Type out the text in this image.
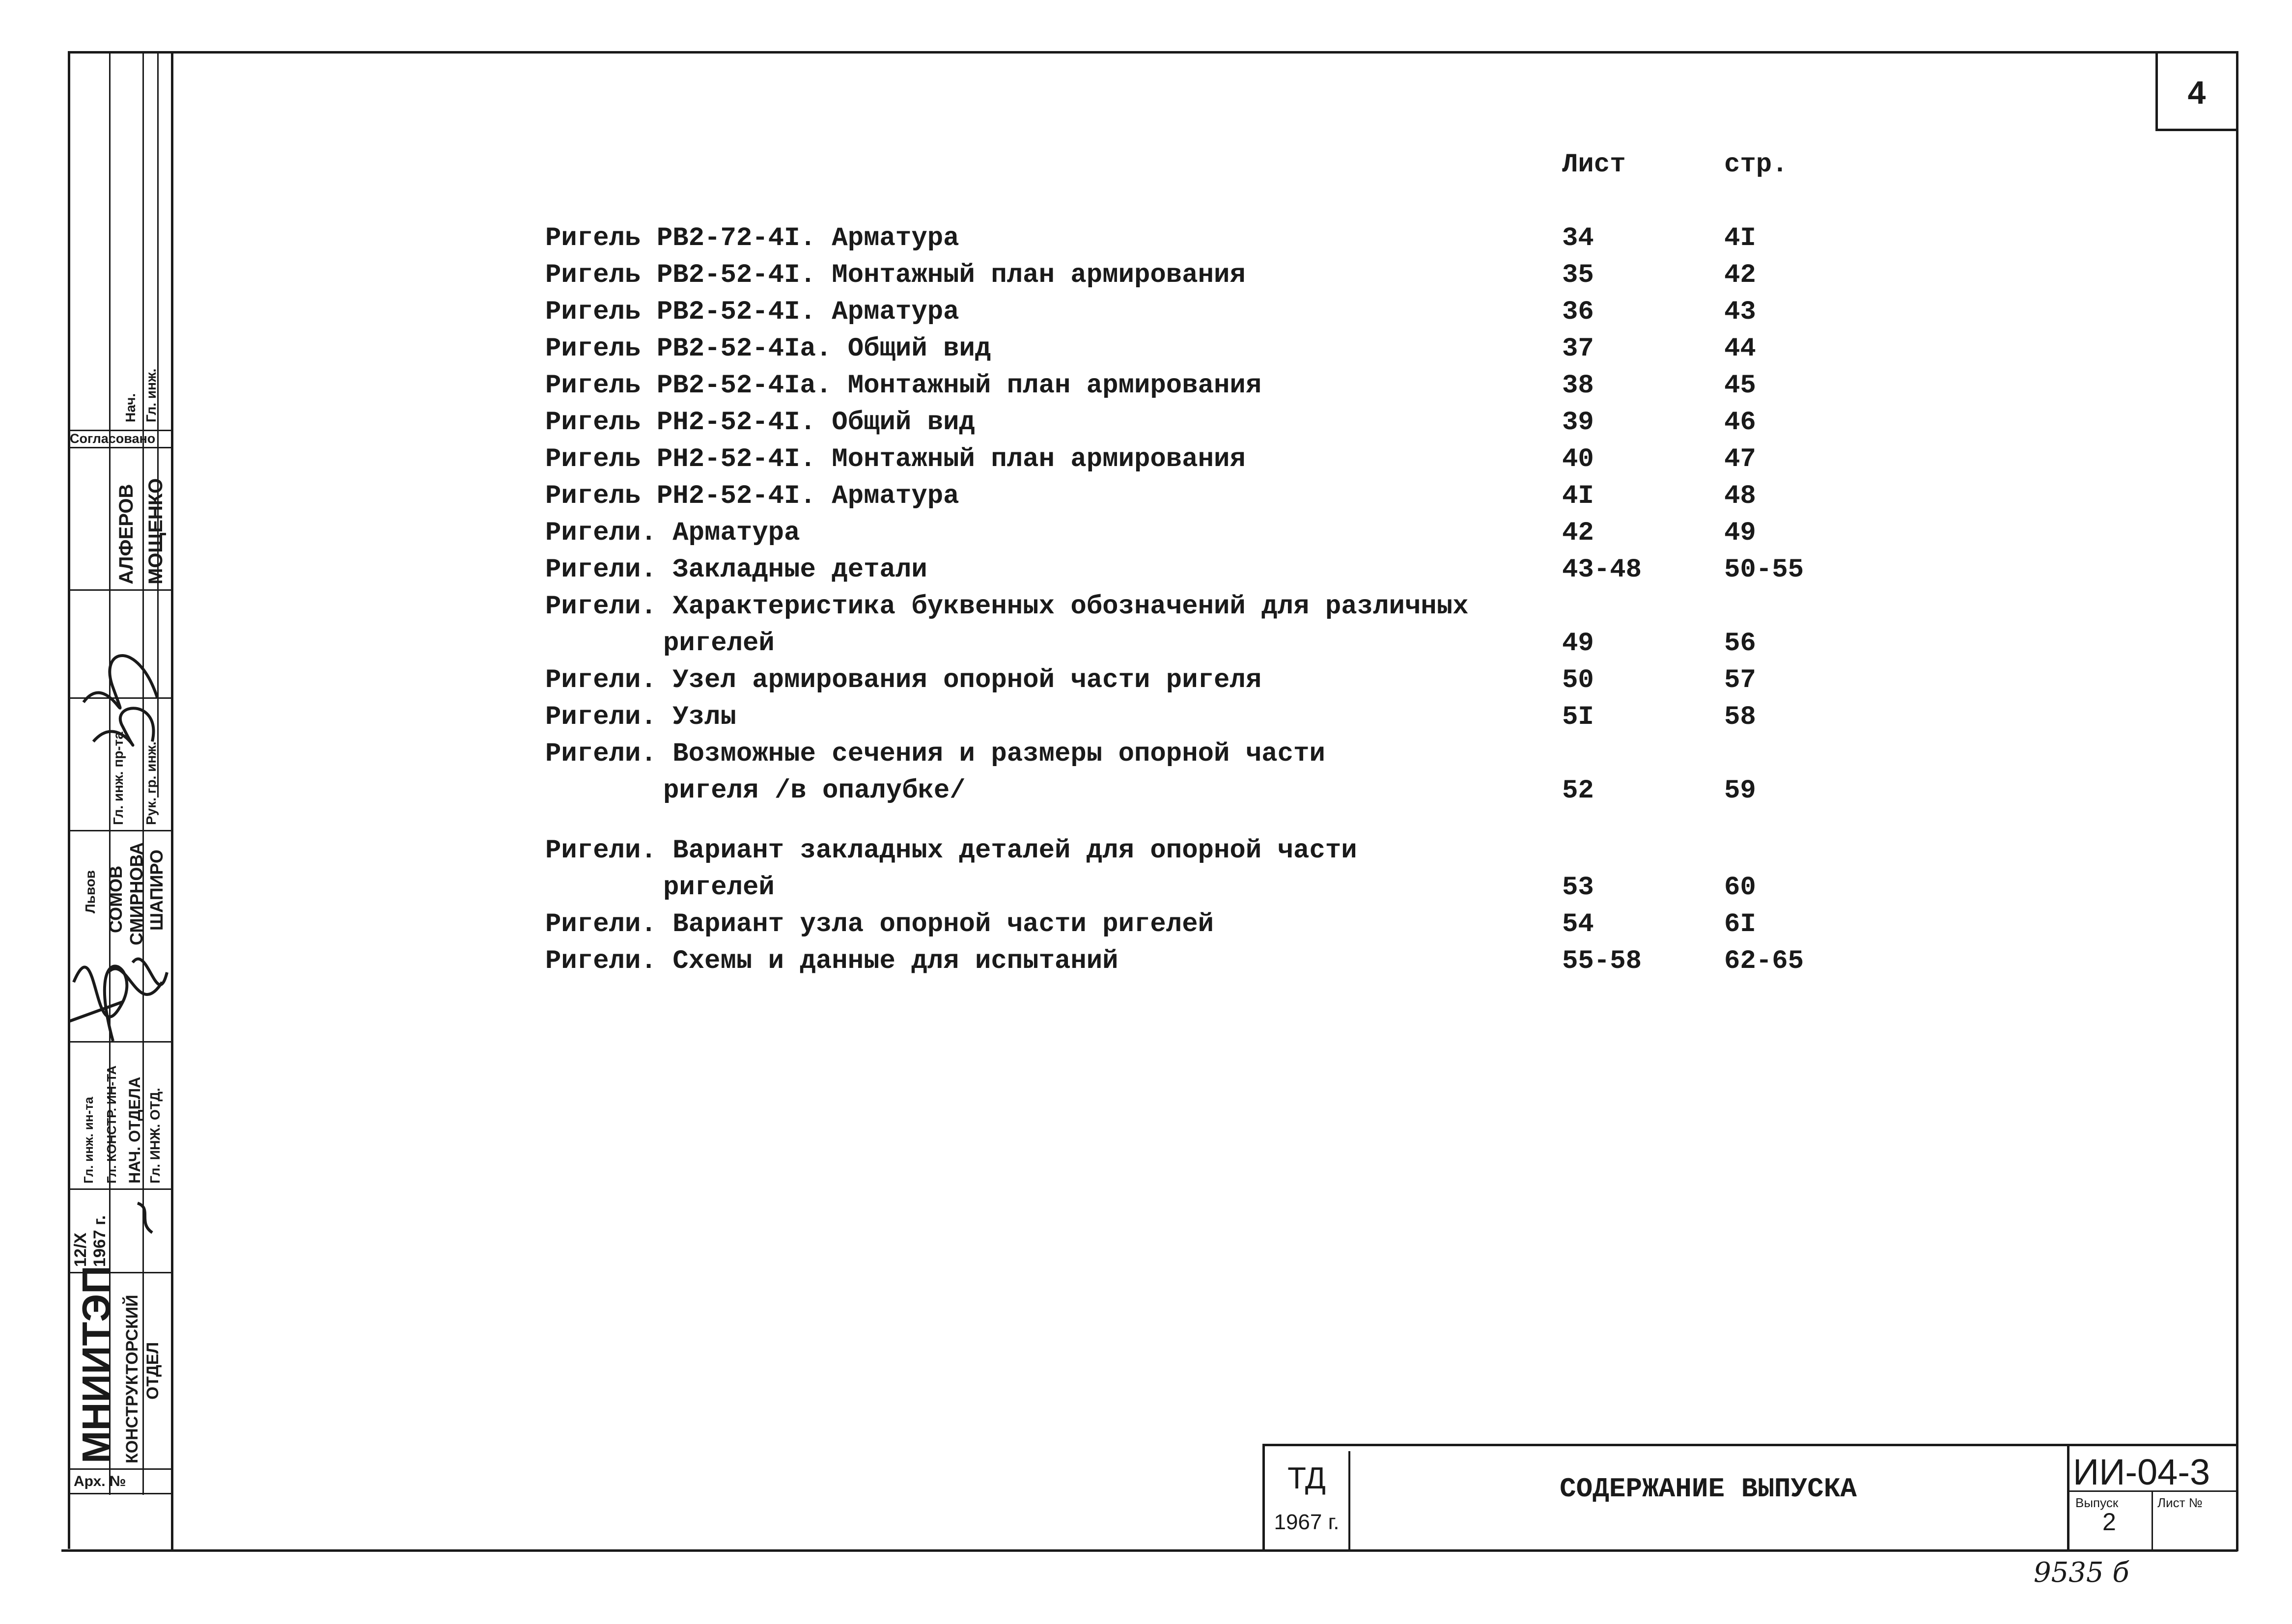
4
МНИИТЭП КОНСТРУКТОРСКИЙ ОТДЕЛ
12/Х 1967 г.
Арх. №
Нач. Гл. инж.
Согласовано
АЛФЕРОВ МОЩЕНКО
Гл. инж. пр-та Рук. гр. инж.
Львов СОМОВ СМИРНОВА ШАПИРО
Гл. инж. ин-та Гл. КОНСТР. ИН-ТА НАЧ. ОТДЕЛА Гл. ИНЖ. ОТД.
Лист	стр.
Ригель РВ2-72-4I. Арматура	34	4I
Ригель РВ2-52-4I. Монтажный план армирования	35	42
Ригель РВ2-52-4I. Арматура	36	43
Ригель РВ2-52-4Iа. Общий вид	37	44
Ригель РВ2-52-4Iа. Монтажный план армирования	38	45
Ригель РН2-52-4I. Общий вид	39	46
Ригель РН2-52-4I. Монтажный план армирования	40	47
Ригель РН2-52-4I. Арматура	4I	48
Ригели. Арматура	42	49
Ригели. Закладные детали	43-48	50-55
Ригели. Характеристика буквенных обозначений для различных
ригелей	49	56
Ригели. Узел армирования опорной части ригеля	50	57
Ригели. Узлы	5I	58
Ригели. Возможные сечения и размеры опорной части
ригеля /в опалубке/	52	59
Ригели. Вариант закладных деталей для опорной части
ригелей	53	60
Ригели. Вариант узла опорной части ригелей	54	6I
Ригели. Схемы и данные для испытаний	55-58	62-65
ТД
1967 г.
СОДЕРЖАНИЕ ВЫПУСКА	ИИ-04-3
Выпуск
2
Лист №
9535 б
